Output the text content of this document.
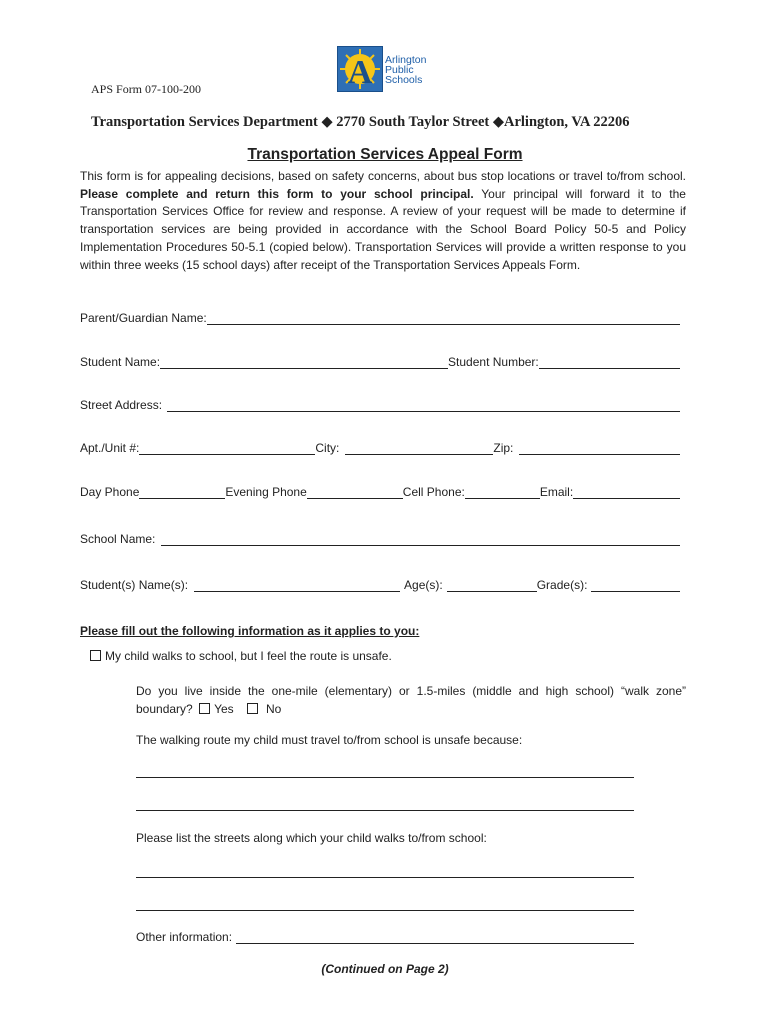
APS Form 07-100-200	A Arlington
Public
Schools
Transportation Services Department ◆ 2770 South Taylor Street ◆Arlington, VA 22206
Transportation Services Appeal Form
This form is for appealing decisions, based on safety concerns, about bus stop locations or travel to/from school. Please complete and return this form to your school principal. Your principal will forward it to the Transportation Services Office for review and response. A review of your request will be made to determine if transportation services are being provided in accordance with the School Board Policy 50-5 and Policy Implementation Procedures 50-5.1 (copied below). Transportation Services will provide a written response to you within three weeks (15 school days) after receipt of the Transportation Services Appeals Form.
Parent/Guardian Name:
Student Name:	Student Number:
Street Address:
Apt./Unit #:	City:	Zip:
Day Phone	Evening Phone	Cell Phone:	Email:
School Name:
Student(s) Name(s):	Age(s):	Grade(s):
Please fill out the following information as it applies to you:
My child walks to school, but I feel the route is unsafe.
Do you live inside the one-mile (elementary) or 1.5-miles (middle and high school) “walk zone” boundary? Yes	No
The walking route my child must travel to/from school is unsafe because:
Please list the streets along which your child walks to/from school:
Other information:
(Continued on Page 2)
